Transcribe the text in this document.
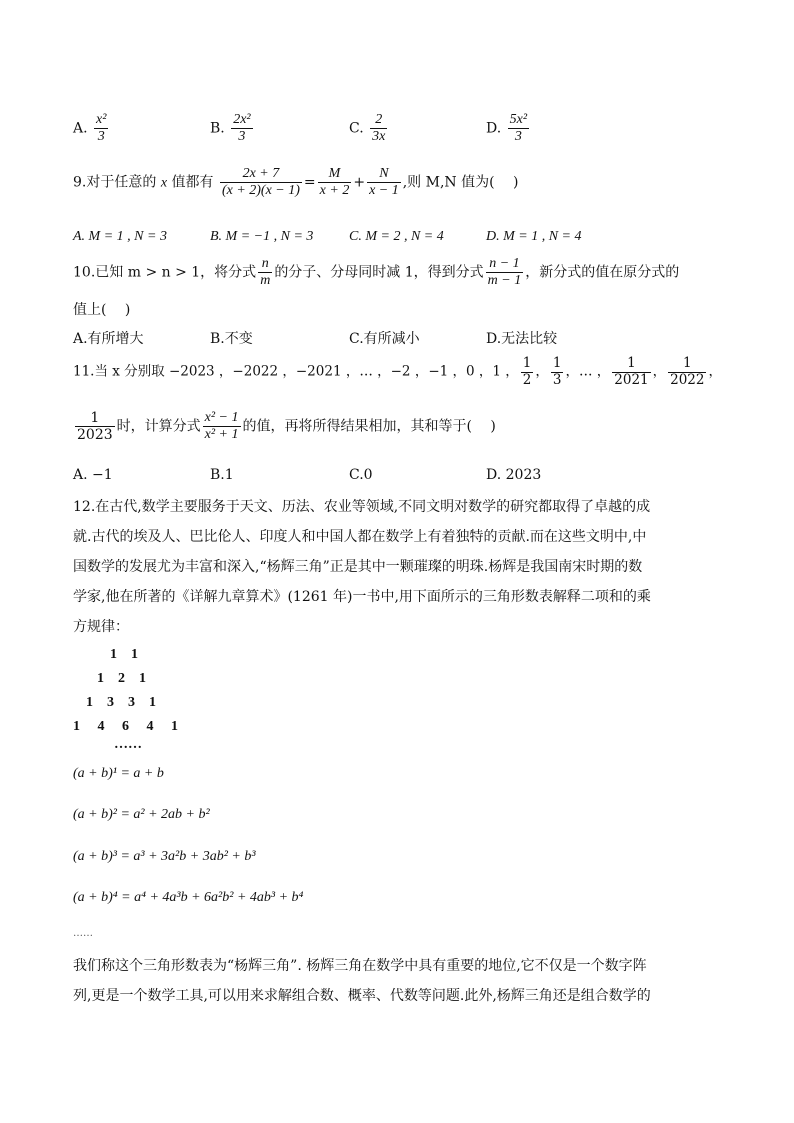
A. $\frac{\text{x²}}{3}$	B. $\frac{\text{2x²}}{3}$	C. $\frac{2}{3x}$	D. $\frac{\text{5x²}}{3}$
9.对于任意的 x 值都有 $\frac{2x + 7}{(x + 2)(x - 1)} = \frac{M}{x + 2} + \frac{N}{x - 1}$ ,则 M,N 值为(　 )
A. M = 1 , N = 3	B. M = −1 , N = 3	C. M = 2 , N = 4	D. M = 1 , N = 4
10.已知 m > n > 1，将分式 $\frac{n}{m}$ 的分子、分母同时减 1，得到分式 $\frac{n - 1}{m - 1}$ ，新分式的值在原分式的
值上(　 )
A.有所增大	B.不变	C.有所减小	D.无法比较
11.当 x 分别取 −2023 ，−2022 ，−2021 ，… ，−2 ，−1 ，0 ，1 ， $\frac{1}{2}$ ， $\frac{1}{3}$ ，… ， $\frac{1}{2021}$ ， $\frac{1}{2022}$ ，
$\frac{1}{2023}$ 时，计算分式 $\frac{\text{x² − 1}}{\text{x² + 1}}$ 的值，再将所得结果相加，其和等于(　 )
A. −1	B.1	C.0	D. 2023
12.在古代,数学主要服务于天文、历法、农业等领域,不同文明对数学的研究都取得了卓越的成
就.古代的埃及人、巴比伦人、印度人和中国人都在数学上有着独特的贡献.而在这些文明中,中
国数学的发展尤为丰富和深入,“杨辉三角”正是其中一颗璀璨的明珠.杨辉是我国南宋时期的数
学家,他在所著的《详解九章算术》(1261 年)一书中,用下面所示的三角形数表解释二项和的乘
方规律：
1　1
1　2　1
1　3　3　1
1　 4　 6　 4　 1
……
(a + b)¹ = a + b
(a + b)² = a² + 2ab + b²
(a + b)³ = a³ + 3a²b + 3ab² + b³
(a + b)⁴ = a⁴ + 4a³b + 6a²b² + 4ab³ + b⁴
……
我们称这个三角形数表为“杨辉三角”. 杨辉三角在数学中具有重要的地位,它不仅是一个数字阵
列,更是一个数学工具,可以用来求解组合数、概率、代数等问题.此外,杨辉三角还是组合数学的
